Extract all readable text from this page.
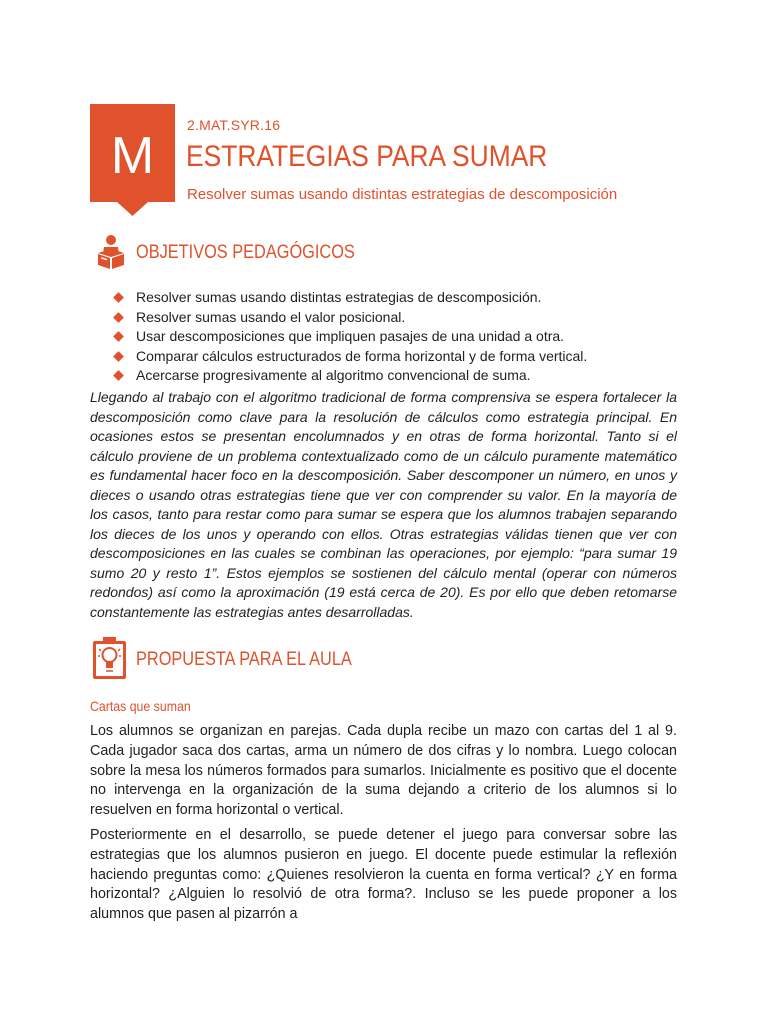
M
2.MAT.SYR.16
ESTRATEGIAS PARA SUMAR
Resolver sumas usando distintas estrategias de descomposición
OBJETIVOS PEDAGÓGICOS
Resolver sumas usando distintas estrategias de descomposición.
Resolver sumas usando el valor posicional.
Usar descomposiciones que impliquen pasajes de una unidad a otra.
Comparar cálculos estructurados de forma horizontal y de forma vertical.
Acercarse progresivamente al algoritmo convencional de suma.

Llegando al trabajo con el algoritmo tradicional de forma comprensiva se espera fortalecer la descomposición como clave para la resolución de cálculos como estrategia principal. En ocasiones estos se presentan encolumnados y en otras de forma horizontal. Tanto si el cálculo proviene de un problema contextualizado como de un cálculo puramente matemático es fundamental hacer foco en la descomposición. Saber descomponer un número, en unos y dieces o usando otras estrategias tiene que ver con comprender su valor. En la mayoría de los casos, tanto para restar como para sumar se espera que los alumnos trabajen separando los dieces de los unos y operando con ellos. Otras estrategias válidas tienen que ver con descomposiciones en las cuales se combinan las operaciones, por ejemplo: “para sumar 19 sumo 20 y resto 1”. Estos ejemplos se sostienen del cálculo mental (operar con números redondos) así como la aproximación (19 está cerca de 20). Es por ello que deben retomarse constantemente las estrategias antes desarrolladas.

PROPUESTA PARA EL AULA
Cartas que suman

Los alumnos se organizan en parejas. Cada dupla recibe un mazo con cartas del 1 al 9. Cada jugador saca dos cartas, arma un número de dos cifras y lo nombra. Luego colocan sobre la mesa los números formados para sumarlos. Inicialmente es positivo que el docente no intervenga en la organización de la suma dejando a criterio de los alumnos si lo resuelven en forma horizontal o vertical.

Posteriormente en el desarrollo, se puede detener el juego para conversar sobre las estrategias que los alumnos pusieron en juego. El docente puede estimular la reflexión haciendo preguntas como: ¿Quienes resolvieron la cuenta en forma vertical? ¿Y en forma horizontal? ¿Alguien lo resolvió de otra forma?. Incluso se les puede proponer a los alumnos que pasen al pizarrón a
